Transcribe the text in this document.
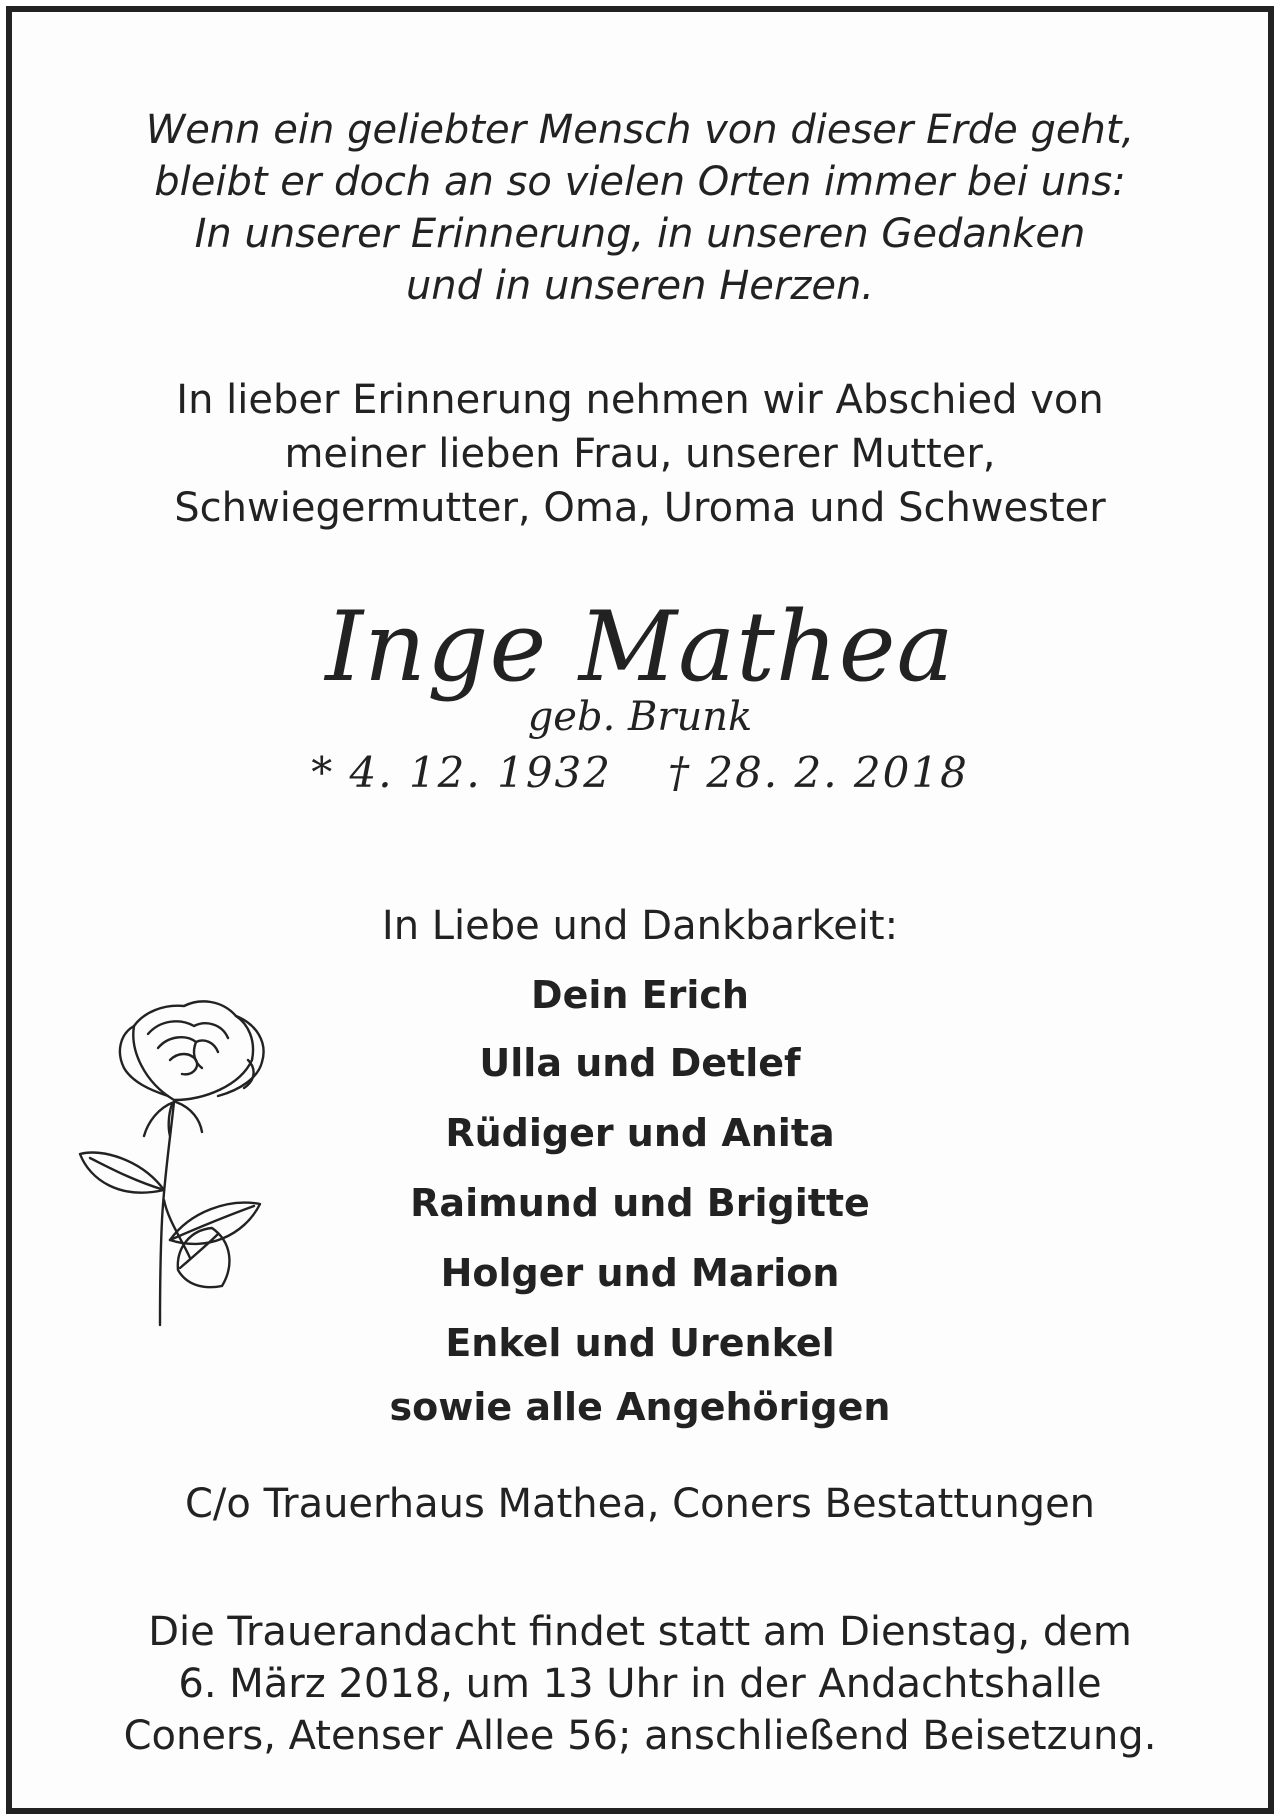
Wenn ein geliebter Mensch von dieser Erde geht,

bleibt er doch an so vielen Orten immer bei uns:

In unserer Erinnerung, in unseren Gedanken

und in unseren Herzen.

In lieber Erinnerung nehmen wir Abschied von

meiner lieben Frau, unserer Mutter,

Schwiegermutter, Oma, Uroma und Schwester

Inge Mathea

geb. Brunk

* 4. 12. 1932 † 28. 2. 2018

In Liebe und Dankbarkeit:

Dein Erich

Ulla und Detlef

Rüdiger und Anita

Raimund und Brigitte

Holger und Marion

Enkel und Urenkel

sowie alle Angehörigen

C/o Trauerhaus Mathea, Coners Bestattungen

Die Trauerandacht findet statt am Dienstag, dem

6. März 2018, um 13 Uhr in der Andachtshalle

Coners, Atenser Allee 56; anschließend Beisetzung.
